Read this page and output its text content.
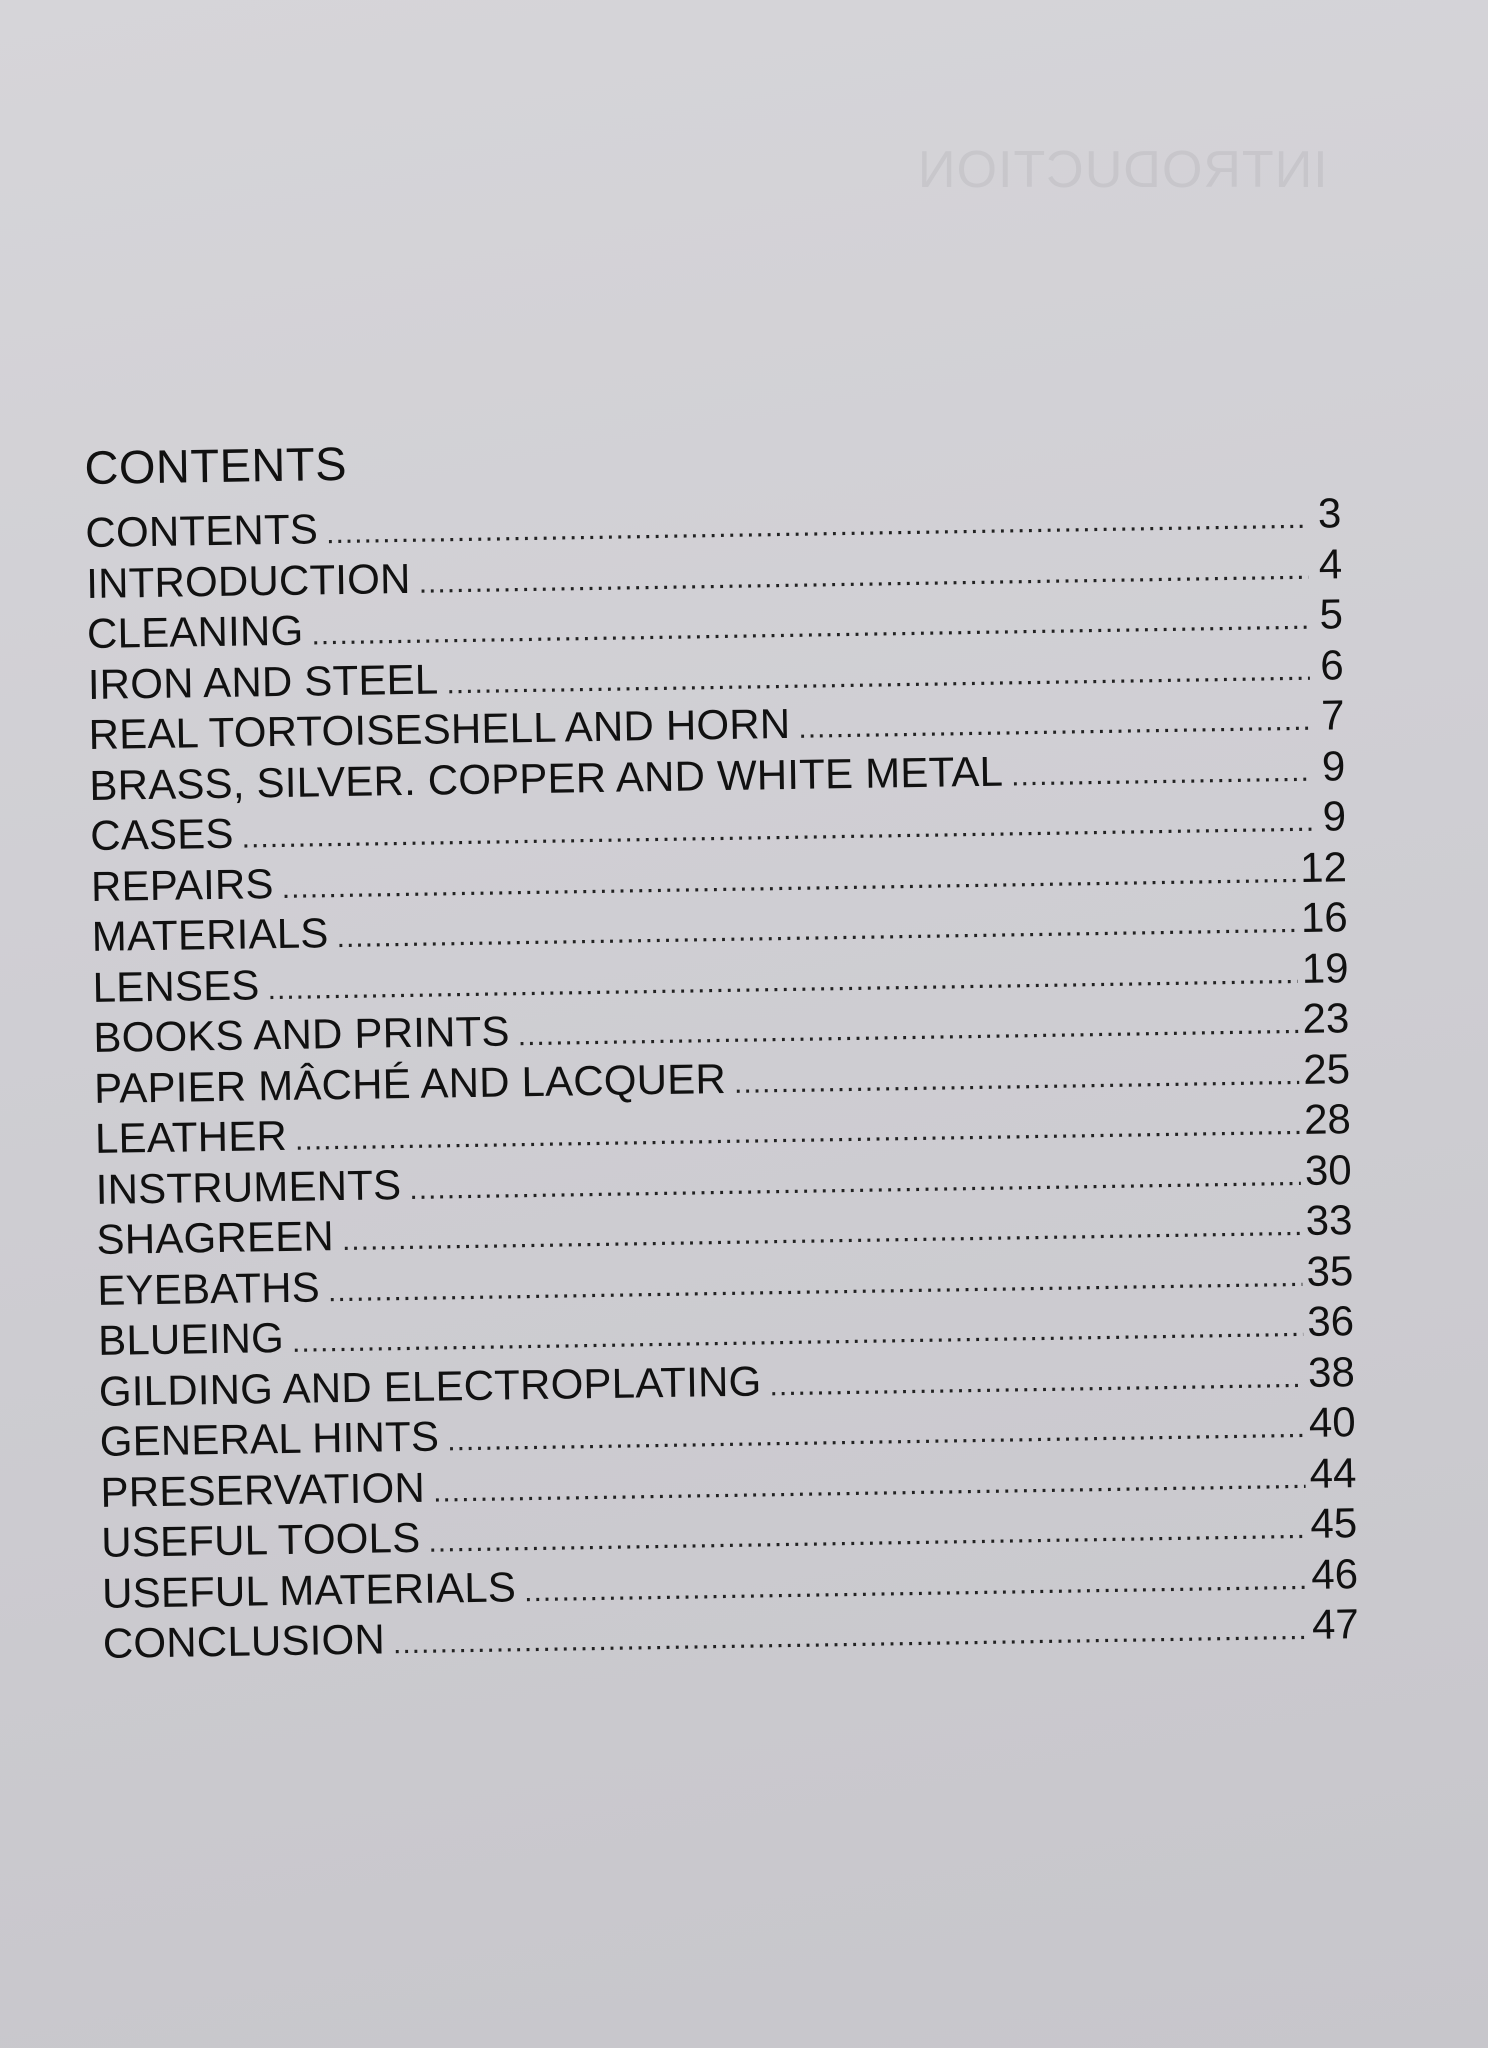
INTRODUCTION
CONTENTS
CONTENTS .....	3
INTRODUCTION .....	4
CLEANING .....	5
IRON AND STEEL .....	6
REAL TORTOISESHELL AND HORN .....	7
BRASS, SILVER. COPPER AND WHITE METAL .....	9
CASES .....	9
REPAIRS .....	12
MATERIALS .....	16
LENSES .....	19
BOOKS AND PRINTS .....	23
PAPIER MÂCHÉ AND LACQUER .....	25
LEATHER .....	28
INSTRUMENTS .....	30
SHAGREEN .....	33
EYEBATHS .....	35
BLUEING .....	36
GILDING AND ELECTROPLATING .....	38
GENERAL HINTS .....	40
PRESERVATION .....	44
USEFUL TOOLS .....	45
USEFUL MATERIALS .....	46
CONCLUSION .....	47
